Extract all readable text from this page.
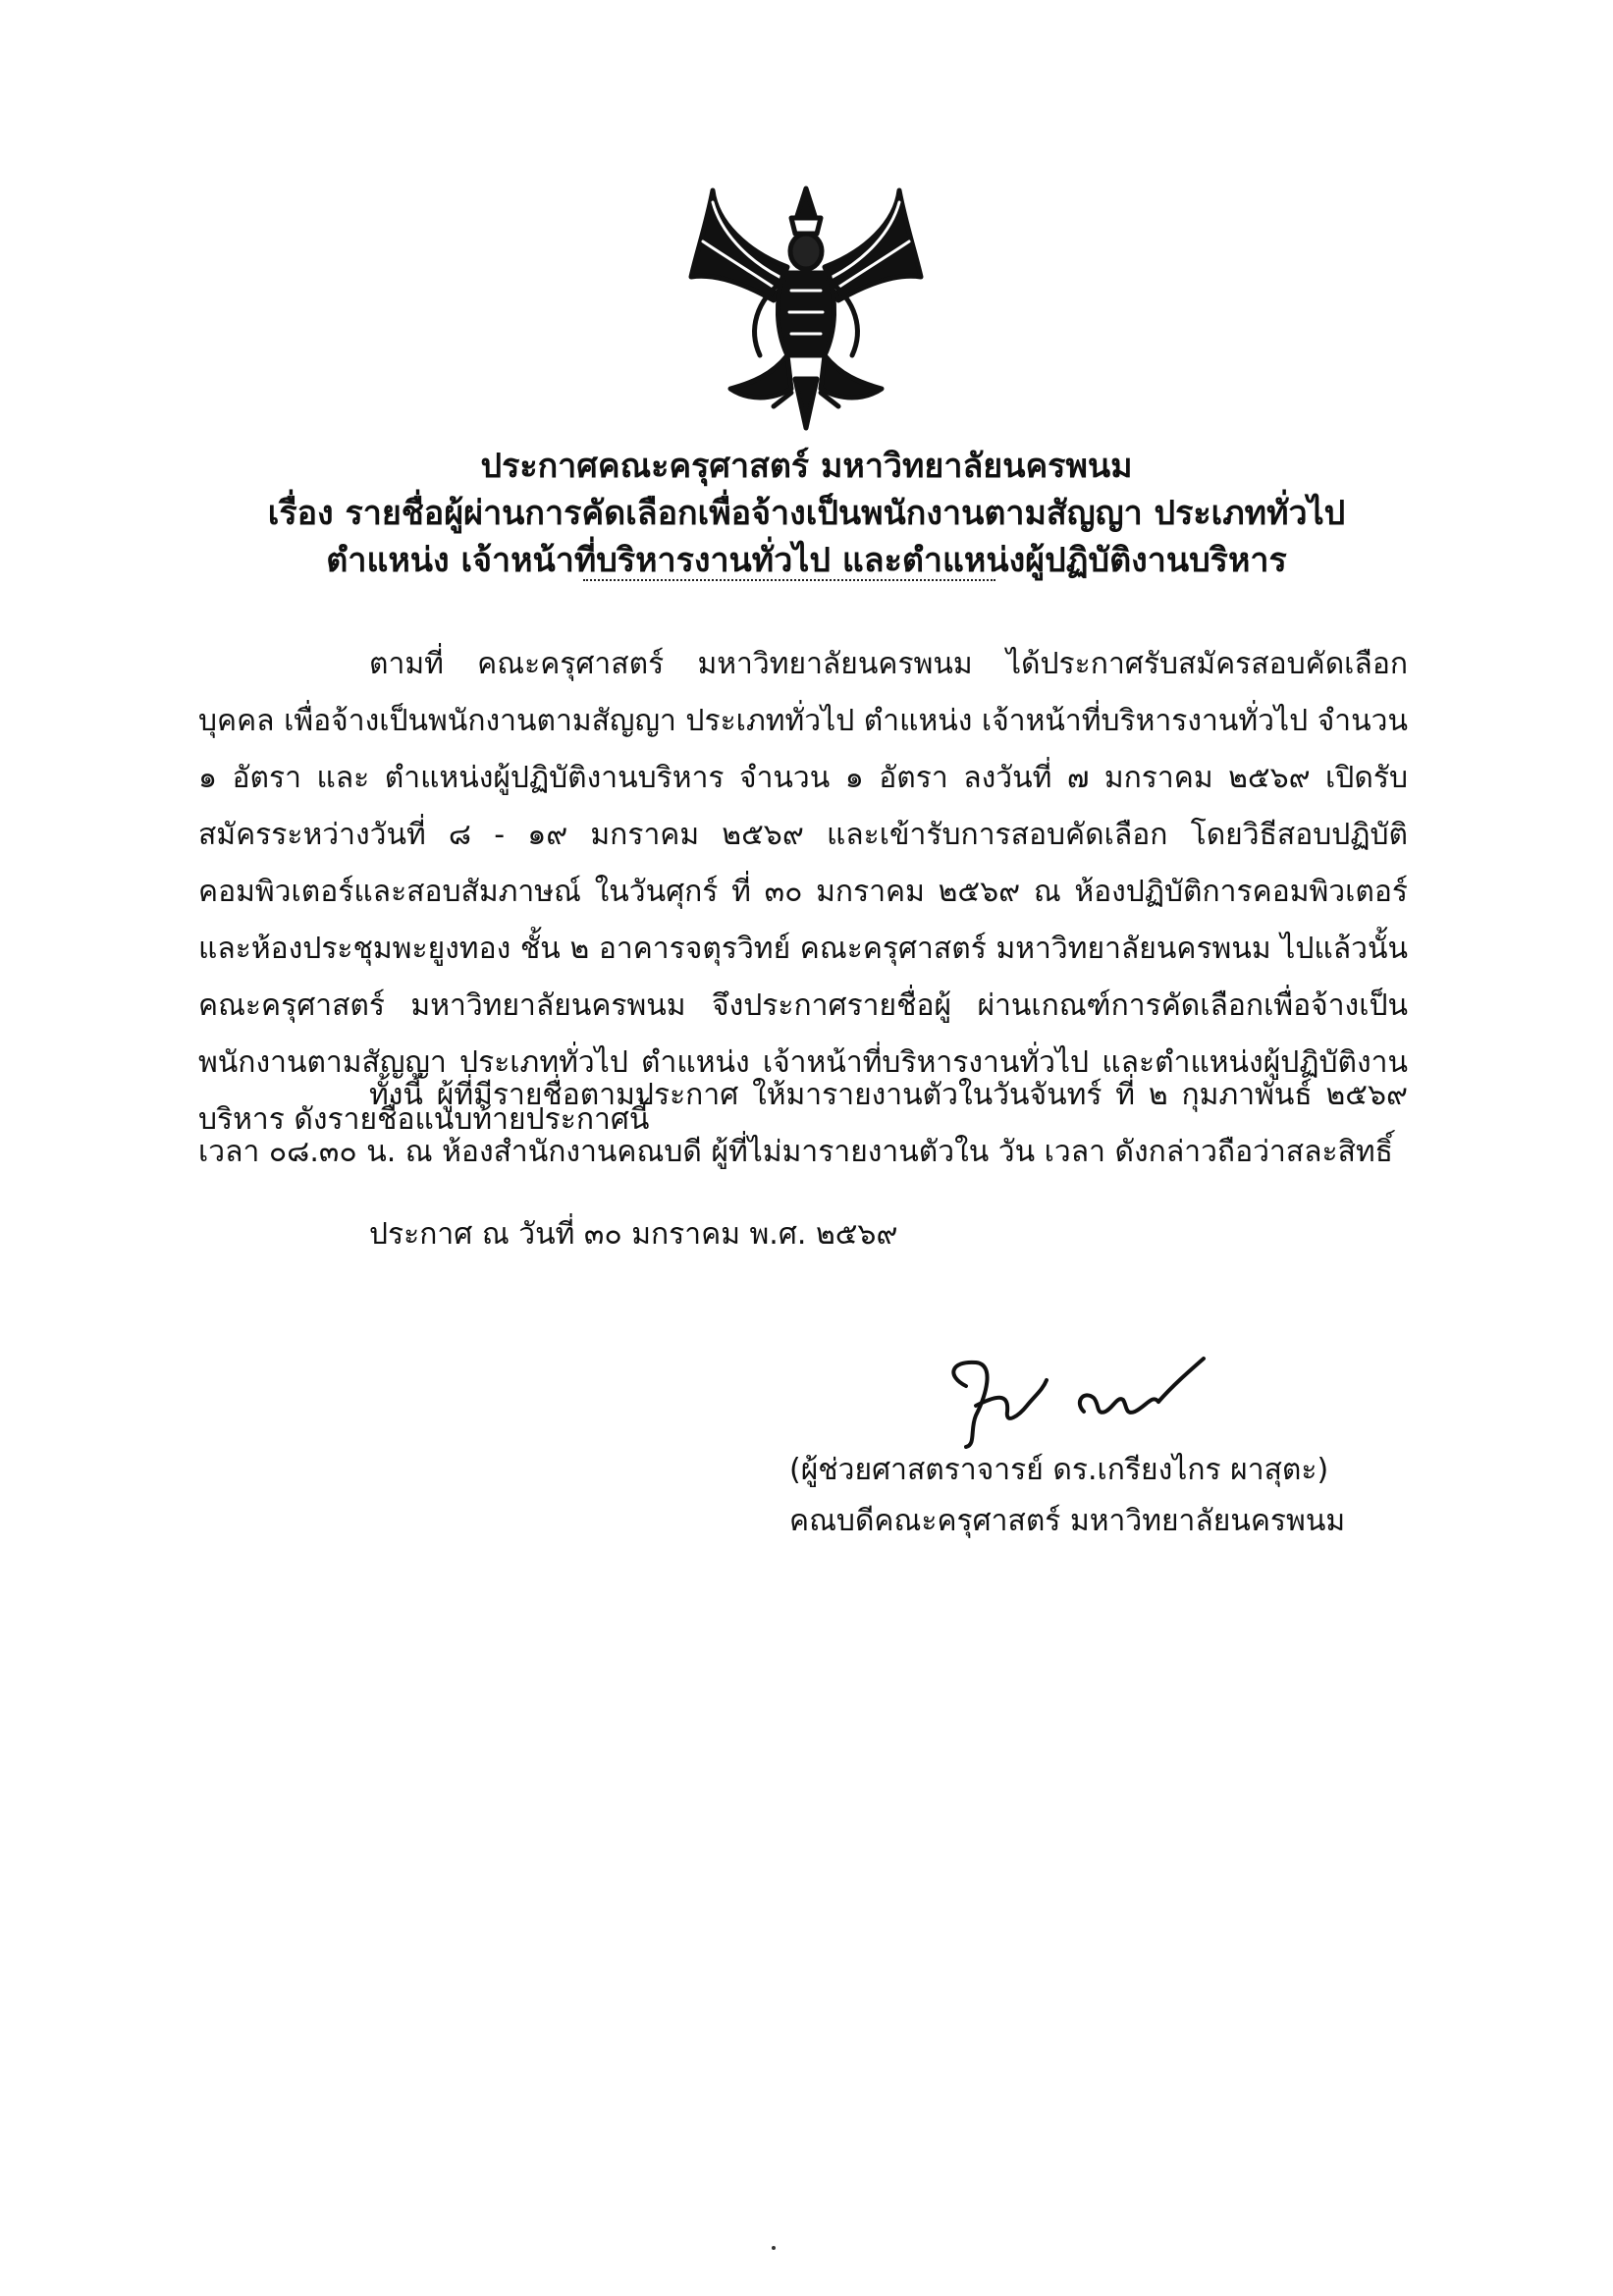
ประกาศคณะครุศาสตร์ มหาวิทยาลัยนครพนม
เรื่อง รายชื่อผู้ผ่านการคัดเลือกเพื่อจ้างเป็นพนักงานตามสัญญา ประเภททั่วไป
ตำแหน่ง เจ้าหน้าที่บริหารงานทั่วไป และตำแหน่งผู้ปฏิบัติงานบริหาร

ตามที่ คณะครุศาสตร์ มหาวิทยาลัยนครพนม ได้ประกาศรับสมัครสอบคัดเลือกบุคคล เพื่อจ้างเป็นพนักงานตามสัญญา ประเภททั่วไป ตำแหน่ง เจ้าหน้าที่บริหารงานทั่วไป จำนวน ๑ อัตรา และ ตำแหน่งผู้ปฏิบัติงานบริหาร จำนวน ๑ อัตรา ลงวันที่ ๗ มกราคม ๒๕๖๙ เปิดรับสมัครระหว่างวันที่ ๘ - ๑๙ มกราคม ๒๕๖๙ และเข้ารับการสอบคัดเลือก โดยวิธีสอบปฏิบัติคอมพิวเตอร์และสอบสัมภาษณ์ ในวันศุกร์ ที่ ๓๐ มกราคม ๒๕๖๙ ณ ห้องปฏิบัติการคอมพิวเตอร์และห้องประชุมพะยูงทอง ชั้น ๒ อาคารจตุรวิทย์ คณะครุศาสตร์ มหาวิทยาลัยนครพนม ไปแล้วนั้น คณะครุศาสตร์ มหาวิทยาลัยนครพนม จึงประกาศรายชื่อผู้ ผ่านเกณฑ์การคัดเลือกเพื่อจ้างเป็นพนักงานตามสัญญา ประเภททั่วไป ตำแหน่ง เจ้าหน้าที่บริหารงานทั่วไป และตำแหน่งผู้ปฏิบัติงานบริหาร ดังรายชื่อแนบท้ายประกาศนี้

ทั้งนี้ ผู้ที่มีรายชื่อตามประกาศ ให้มารายงานตัวในวันจันทร์ ที่ ๒ กุมภาพันธ์ ๒๕๖๙ เวลา ๐๘.๓๐ น. ณ ห้องสำนักงานคณบดี ผู้ที่ไม่มารายงานตัวใน วัน เวลา ดังกล่าวถือว่าสละสิทธิ์

ประกาศ ณ วันที่ ๓๐ มกราคม พ.ศ. ๒๕๖๙
(ผู้ช่วยศาสตราจารย์ ดร.เกรียงไกร ผาสุตะ)
คณบดีคณะครุศาสตร์ มหาวิทยาลัยนครพนม
